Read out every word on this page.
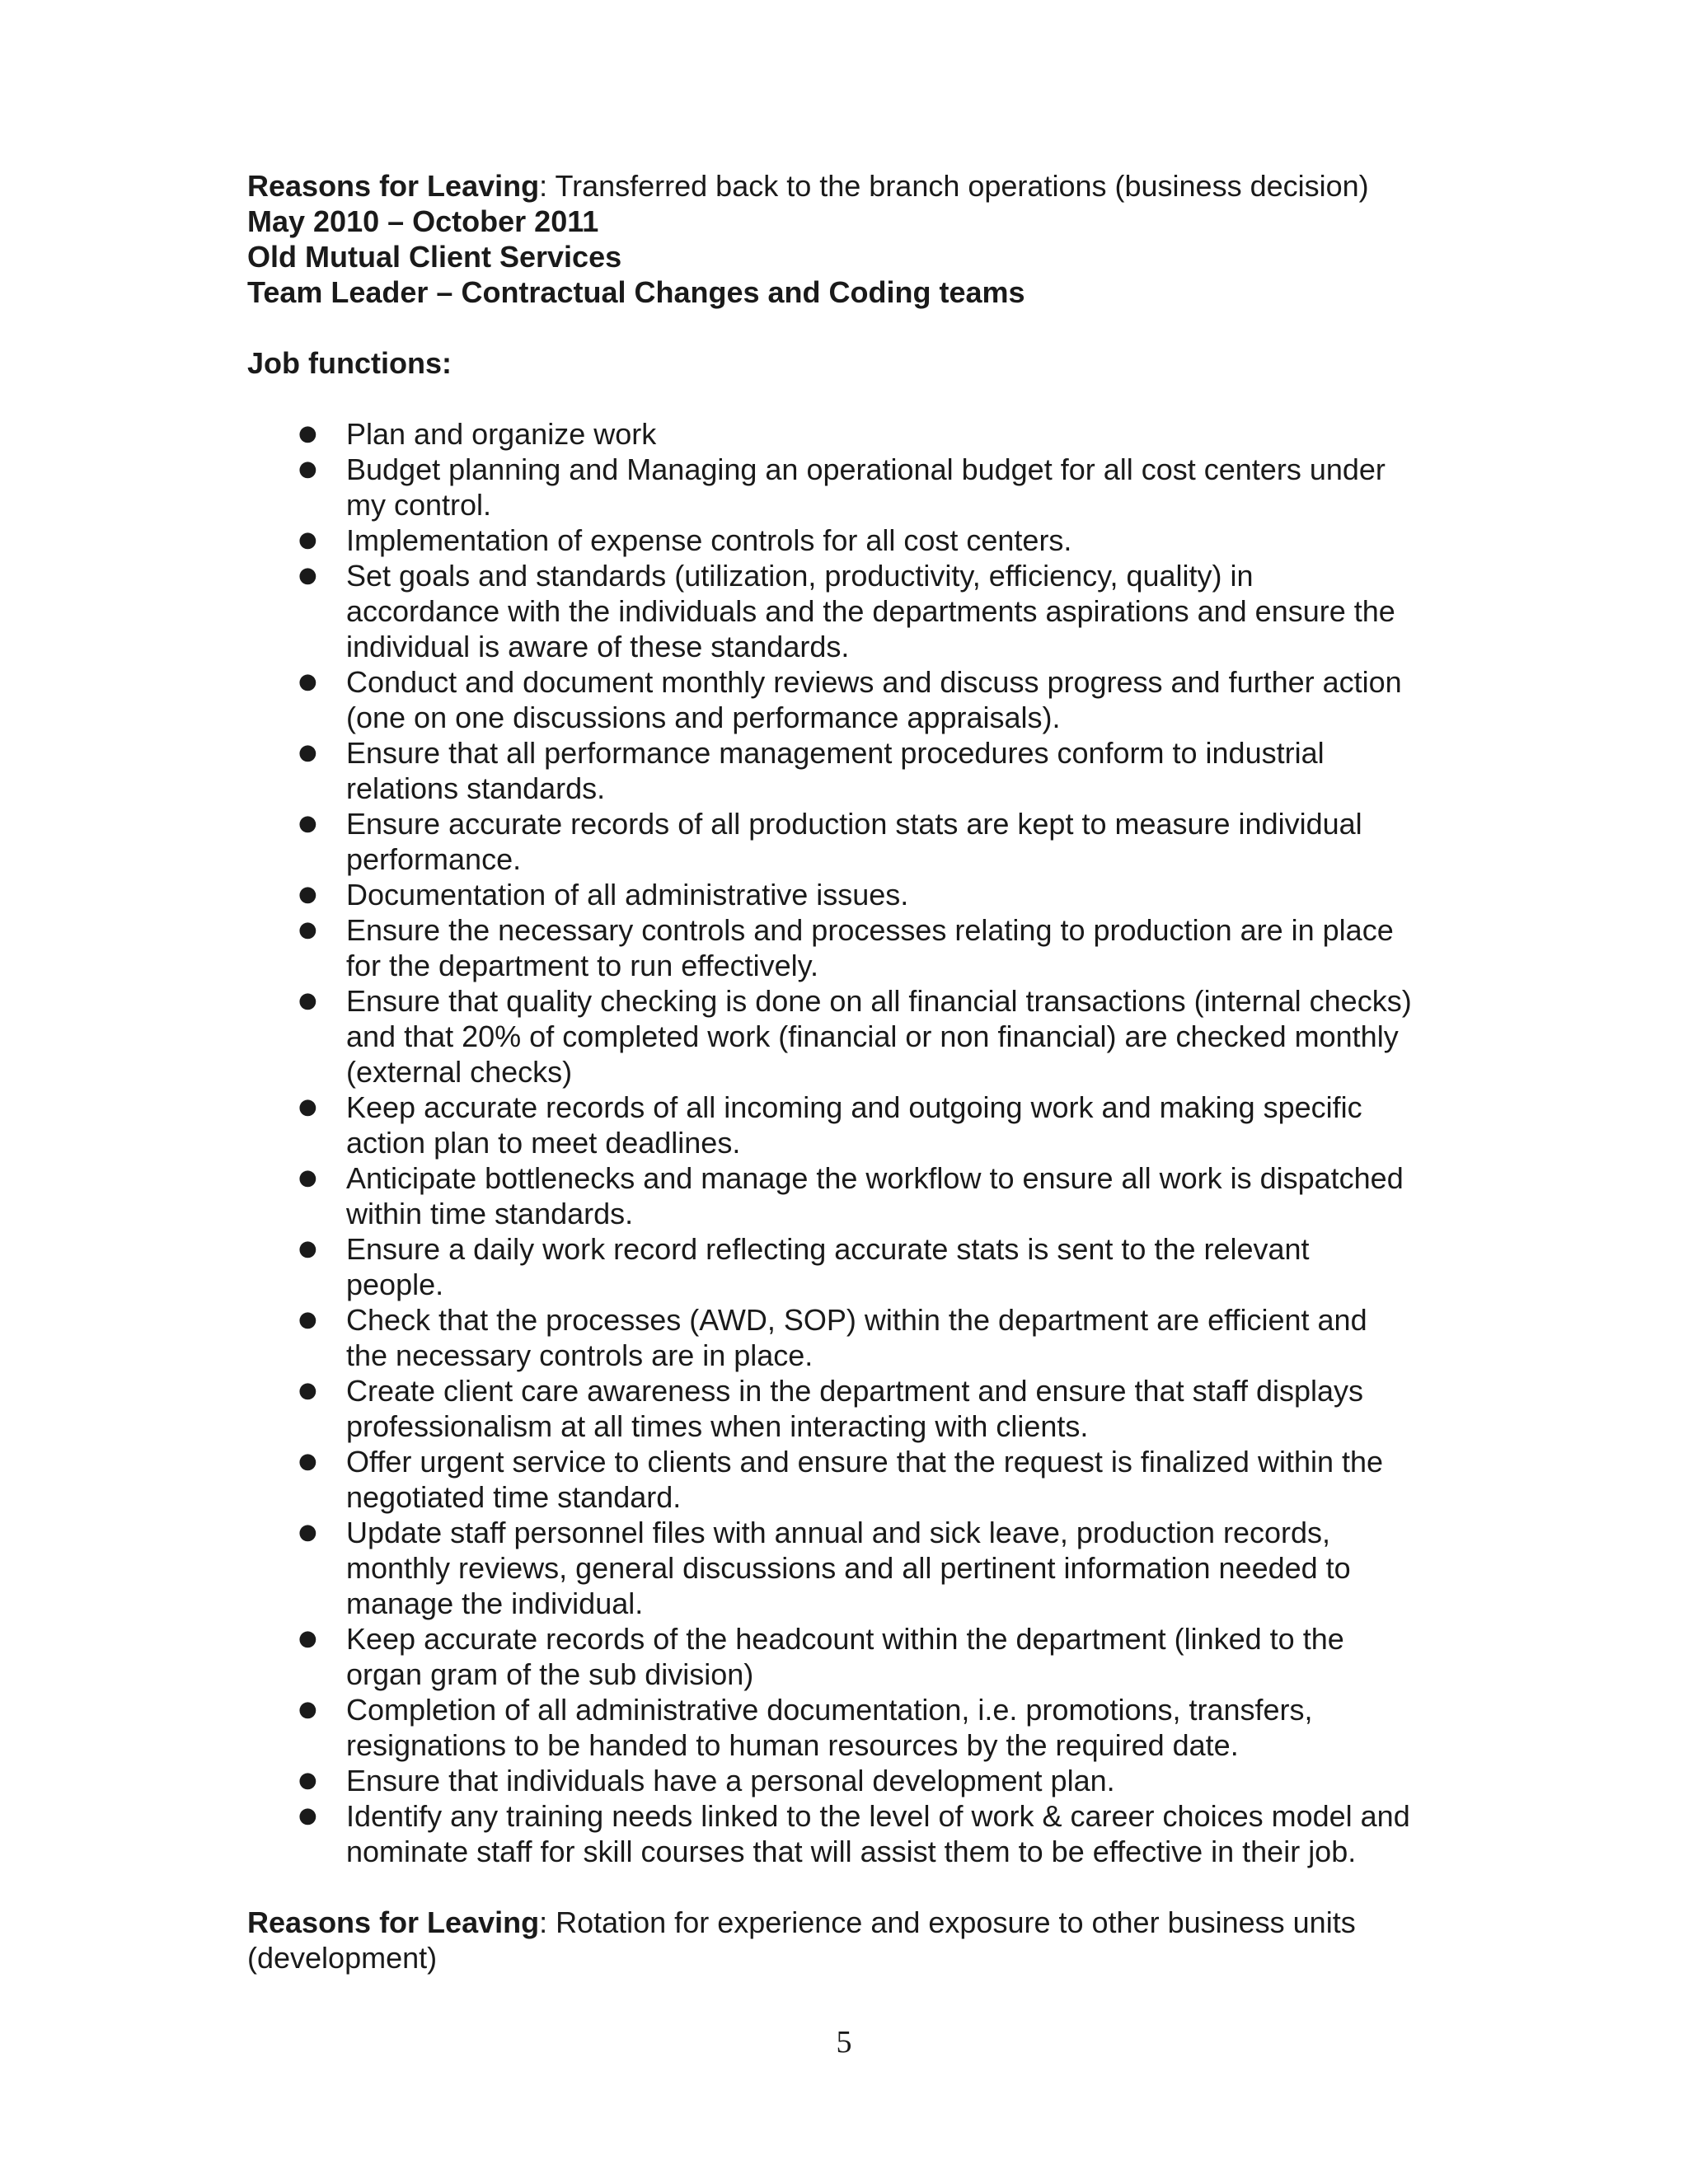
Reasons for Leaving: Transferred back to the branch operations (business decision)
May 2010 – October 2011
Old Mutual Client Services
Team Leader – Contractual Changes and Coding teams
Job functions:
● Plan and organize work
● Budget planning and Managing an operational budget for all cost centers under
my control.
● Implementation of expense controls for all cost centers.
● Set goals and standards (utilization, productivity, efficiency, quality) in
accordance with the individuals and the departments aspirations and ensure the
individual is aware of these standards.
● Conduct and document monthly reviews and discuss progress and further action
(one on one discussions and performance appraisals).
● Ensure that all performance management procedures conform to industrial
relations standards.
● Ensure accurate records of all production stats are kept to measure individual
performance.
● Documentation of all administrative issues.
● Ensure the necessary controls and processes relating to production are in place
for the department to run effectively.
● Ensure that quality checking is done on all financial transactions (internal checks)
and that 20% of completed work (financial or non financial) are checked monthly
(external checks)
● Keep accurate records of all incoming and outgoing work and making specific
action plan to meet deadlines.
● Anticipate bottlenecks and manage the workflow to ensure all work is dispatched
within time standards.
● Ensure a daily work record reflecting accurate stats is sent to the relevant
people.
● Check that the processes (AWD, SOP) within the department are efficient and
the necessary controls are in place.
● Create client care awareness in the department and ensure that staff displays
professionalism at all times when interacting with clients.
● Offer urgent service to clients and ensure that the request is finalized within the
negotiated time standard.
● Update staff personnel files with annual and sick leave, production records,
monthly reviews, general discussions and all pertinent information needed to
manage the individual.
● Keep accurate records of the headcount within the department (linked to the
organ gram of the sub division)
● Completion of all administrative documentation, i.e. promotions, transfers,
resignations to be handed to human resources by the required date.
● Ensure that individuals have a personal development plan.
● Identify any training needs linked to the level of work & career choices model and
nominate staff for skill courses that will assist them to be effective in their job.
Reasons for Leaving: Rotation for experience and exposure to other business units
(development)
5
